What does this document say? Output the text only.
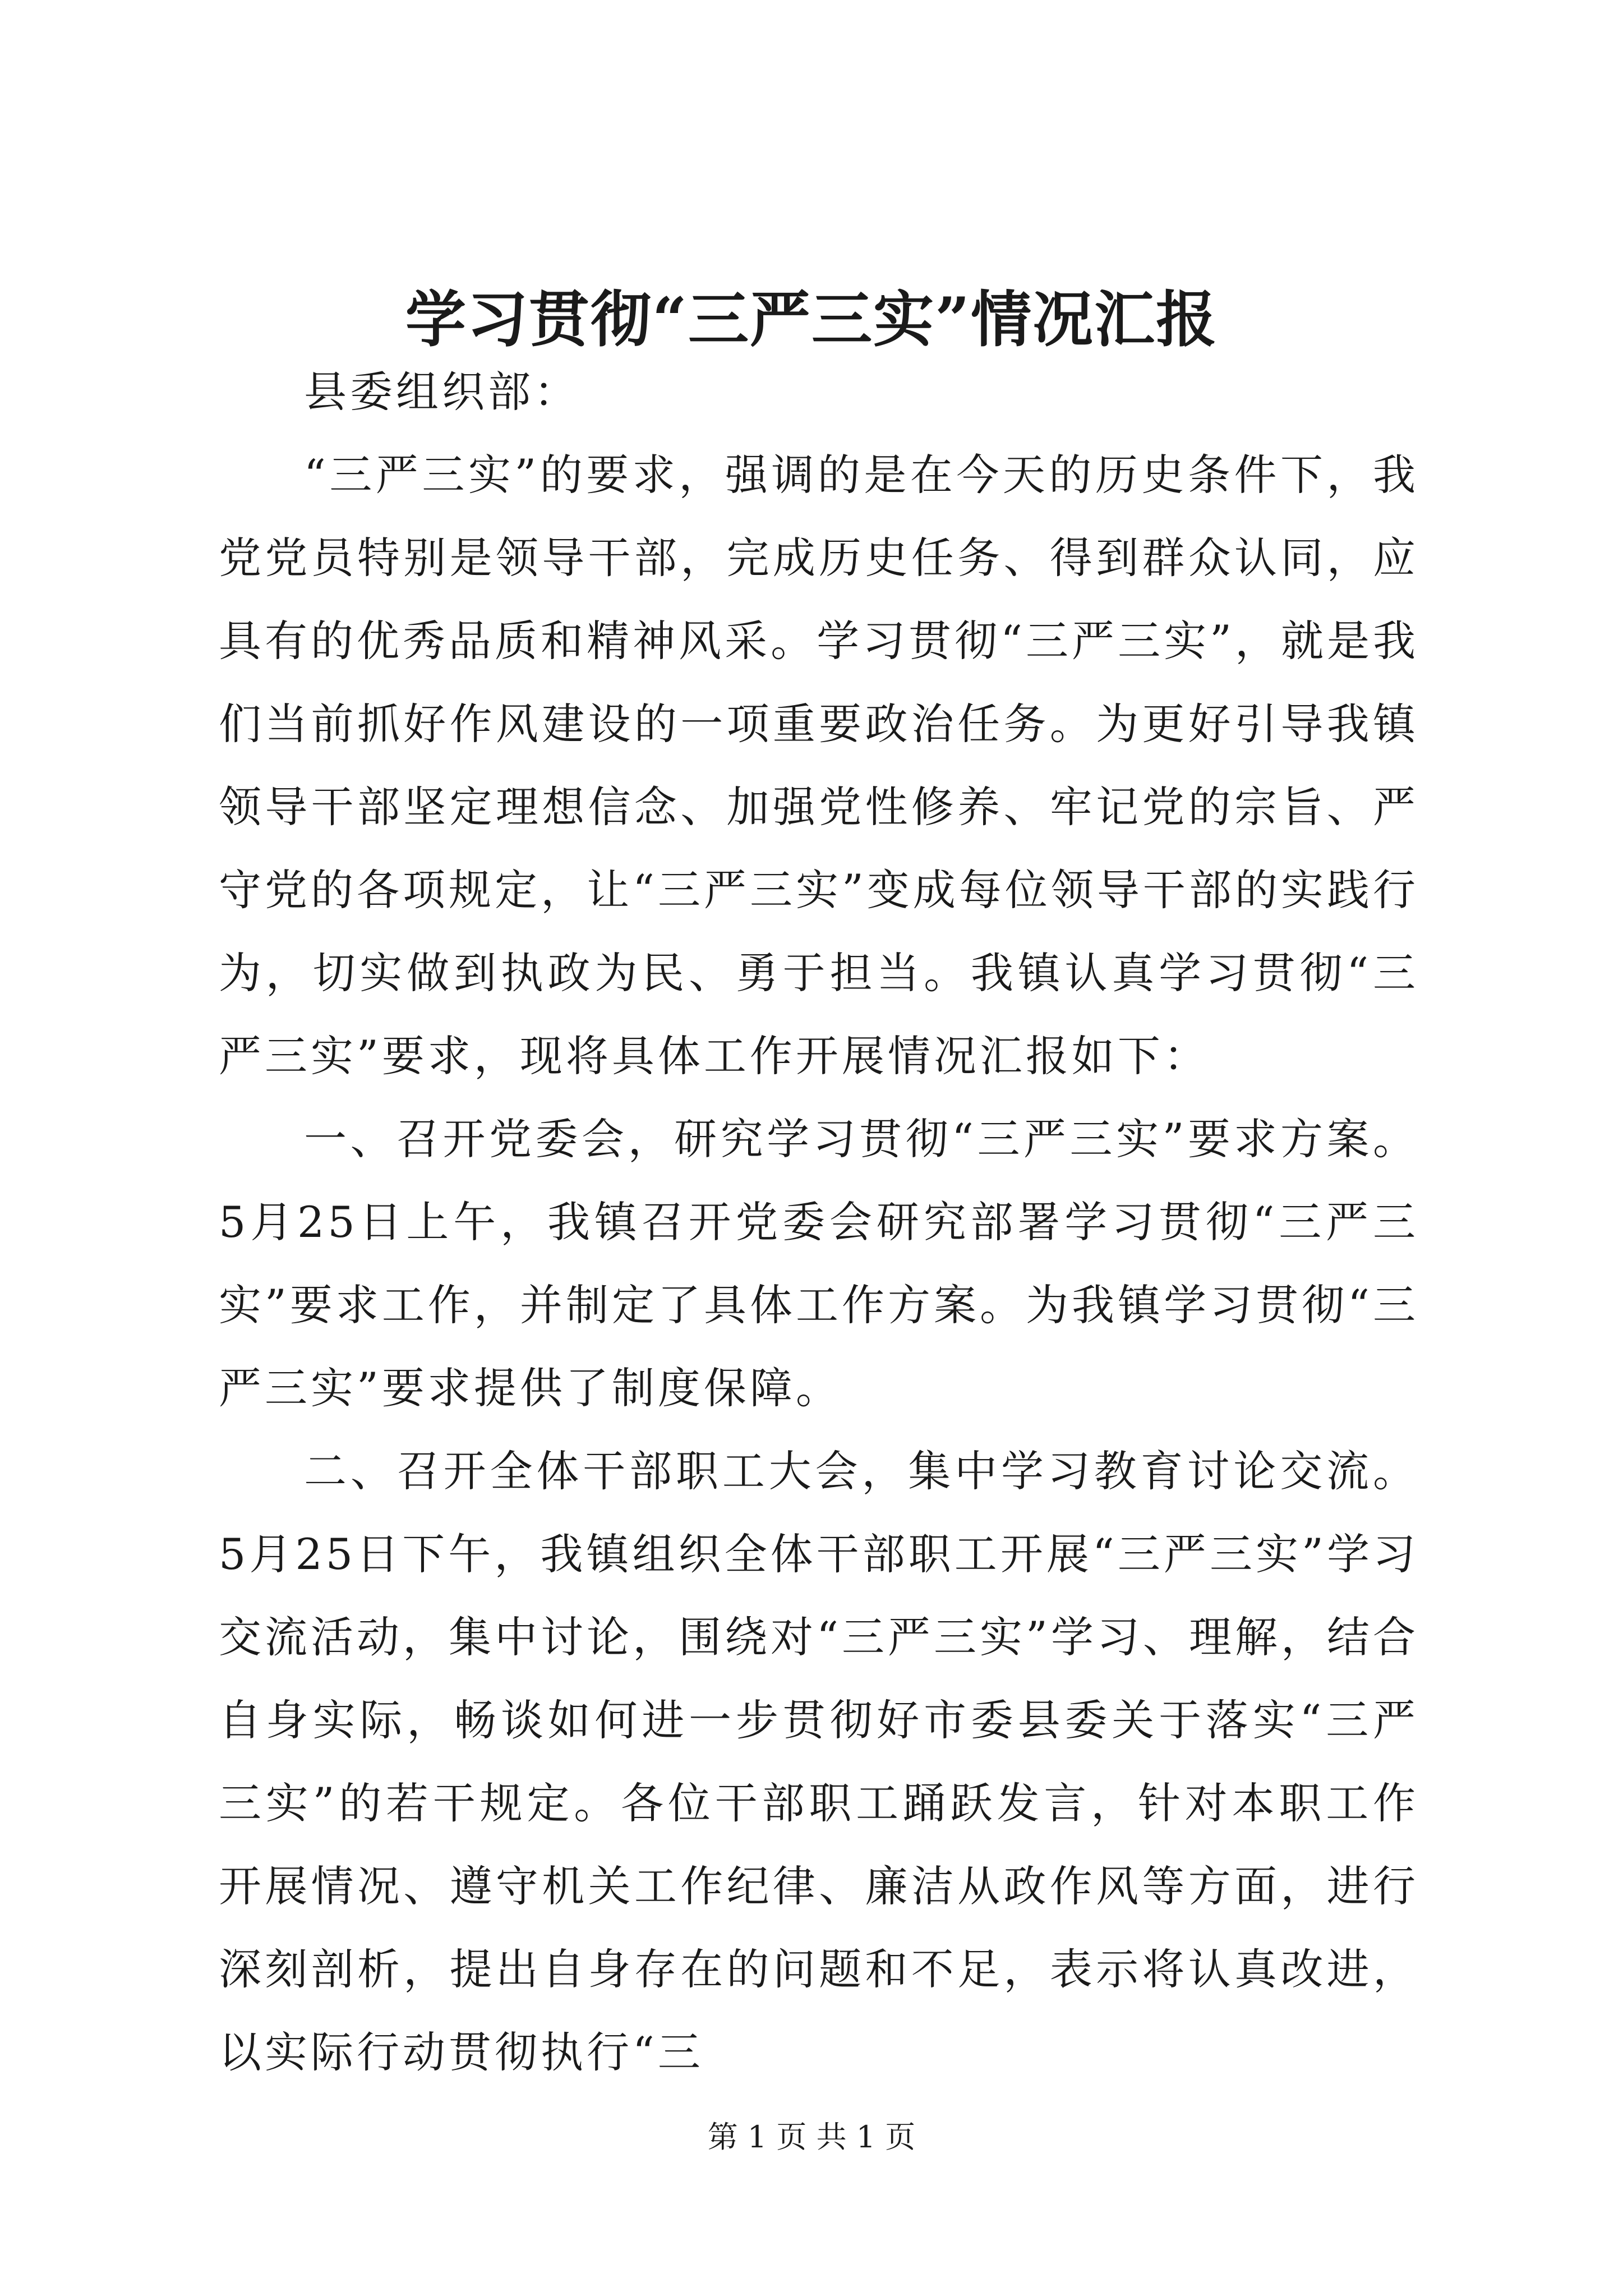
学习贯彻“三严三实”情况汇报

县委组织部：

“三严三实”的要求，强调的是在今天的历史条件下，我党党员特别是领导干部，完成历史任务、得到群众认同，应具有的优秀品质和精神风采。学习贯彻“三严三实”，就是我们当前抓好作风建设的一项重要政治任务。为更好引导我镇领导干部坚定理想信念、加强党性修养、牢记党的宗旨、严守党的各项规定，让“三严三实”变成每位领导干部的实践行为，切实做到执政为民、勇于担当。我镇认真学习贯彻“三严三实”要求，现将具体工作开展情况汇报如下：

一、召开党委会，研究学习贯彻“三严三实”要求方案。5月25日上午，我镇召开党委会研究部署学习贯彻“三严三实”要求工作，并制定了具体工作方案。为我镇学习贯彻“三严三实”要求提供了制度保障。

二、召开全体干部职工大会，集中学习教育讨论交流。5月25日下午，我镇组织全体干部职工开展“三严三实”学习交流活动，集中讨论，围绕对“三严三实”学习、理解，结合自身实际，畅谈如何进一步贯彻好市委县委关于落实“三严三实”的若干规定。各位干部职工踊跃发言，针对本职工作开展情况、遵守机关工作纪律、廉洁从政作风等方面，进行深刻剖析，提出自身存在的问题和不足，表示将认真改进，以实际行动贯彻执行“三

第 1 页 共 1 页
